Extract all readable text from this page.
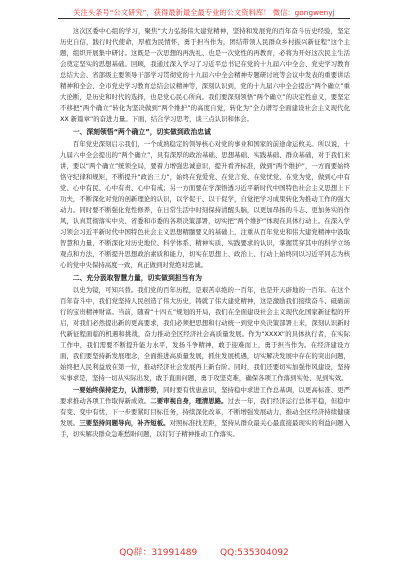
关注头条号“公文研究”，获得最新最全最专业的公文资料库！ 微信：gongwenyj

这次区委中心组的学习，聚焦“大力弘扬伟大建党精神，坚持和发展党的百年奋斗历史经验，坚定历史自信，践行时代使命，厚植为民情怀，勇于担当作为，团结带领人民群众乡村振兴新征程”这个主题，组织开展集中研讨。这既是一次思想的再洗礼、也是一次党性的再教育，必将为开好这次民主生活会奠定坚实的思想基础。回顾，我通过深入学习了习近平总书记在党的十九届六中全会、党史学习教育总结大会、省部级主要领导干部学习贯彻党的十九届六中全会精神专题研讨班等会议中发表的重要讲话精神和全会、全市党史学习教育总结会议精神等，深刻认识到，党的十九届六中全会提出“两个确立”重大论断，是历史和时代的选择，也是党心民心所向。我们要深刻领悟“两个确立”的决定性意义，要坚定不移把“两个确立”转化为坚决做到“两个维护”的高度自觉，转化为“全力谱写全面建设社会主义现代化 XX 新篇章”的奋进力量。下面，结合学习思考，谈三点认识和体会。

一、深刻领悟“两个确立”，切实做到政治忠诚

百年党史深刻启示我们，一个成熟稳定的领导核心对党的事业和国家的前途命运攸关。所以说，十九届六中全会提出的“两个确立”，具有深厚的政治基础、思想基础、实践基础、群众基础，对于我们来讲，要以“两个确立”统领全局，要着力增强忠诚意识，提升看齐标准，做到“两个维护”，一方面要始终恪守纪律和规矩，不断提升“政治三力”，始终在党爱党、在党言党、在党忧党、在党为党，做到心中有党、心中有民、心中有责、心中有戒；另一方面要在学深悟透习近平新时代中国特色社会主义思想上下功夫，不断深化对党的创新理论的认识，以学促干、以干促学，自觉把学习成果转化为推动工作的强大动力。同时要不断强化党性修养，在日常生活中时刻保持清醒头脑，以更加昂扬的斗志、更加务实的作风，认真贯彻落实中央、省委和市委的各项决策部署，切实把“两个维护”体现在具体行动上。在深入学习领会习近平新时代中国特色社会主义思想精髓要义的基础上，注重从百年党史和伟大建党精神中汲取智慧和力量，不断深化对历史地位、科学体系、精神实质、实践要求的认识，掌握贯穿其中的科学立场观点和方法，不断提升思想政治素质和能力，切实在思想上、政治上、行动上始终同以习近平同志为核心的党中央保持高度一致，真正做到对党绝对忠诚。

二、充分汲取智慧力量，切实做到担当有为

以史为镜，可知兴替。我们党的百年历程，是艰苦卓绝的一百年，也是开天辟地的一百年。在这个百年奋斗中，我们党坚持人民创造了伟大历史，铸就了伟大建党精神，这是激励我们接续奋斗、砥砺前行的宝贵精神财富。当前，随着“十四五”规划的开局，我们在全面建设社会主义现代化国家新征程的开启，对我们必然提出新的更高要求，我们必须把思想和行动统一到党中央决策部署上来，深刻认识新时代新征程面临的机遇和挑战，奋力推动全区经济社会高质量发展。作为“XXXX”的具体执行者，在实际工作中，我们需要不断提升能力水平，发扬斗争精神，敢于迎难而上，勇于担当作为。在经济建设方面，我们要坚持新发展理念，全面推进高质量发展，抓住发展机遇，切实解决发展中存在的突出问题，始终把人民利益放在第一位，推动经济社会发展再上新台阶。同时，我们还要切实加强作风建设，坚持实事求是，坚持一切从实际出发，敢于直面问题，勇于攻坚克难，确保各项工作落到实处、见到实效。

一要始终保持定力，认清形势，同时要有忧患意识，坚持稳中求进工作总基调，以更高标准、更严要求推动各项工作取得新成效。二要审视自身，理清思路。过去一年，我们经济运行总体平稳，但稳中有变、变中有忧，下一步要紧盯目标任务，持续深化改革，不断增强发展动力，推动全区经济持续健康发展。三要坚持问题导向，补齐短板。对照标准找差距，坚持从群众最关心最直接最现实的利益问题入手，切实解决群众急难愁盼问题，以钉钉子精神推动工作落实。

QQ群：31991489	QQ:535304092
